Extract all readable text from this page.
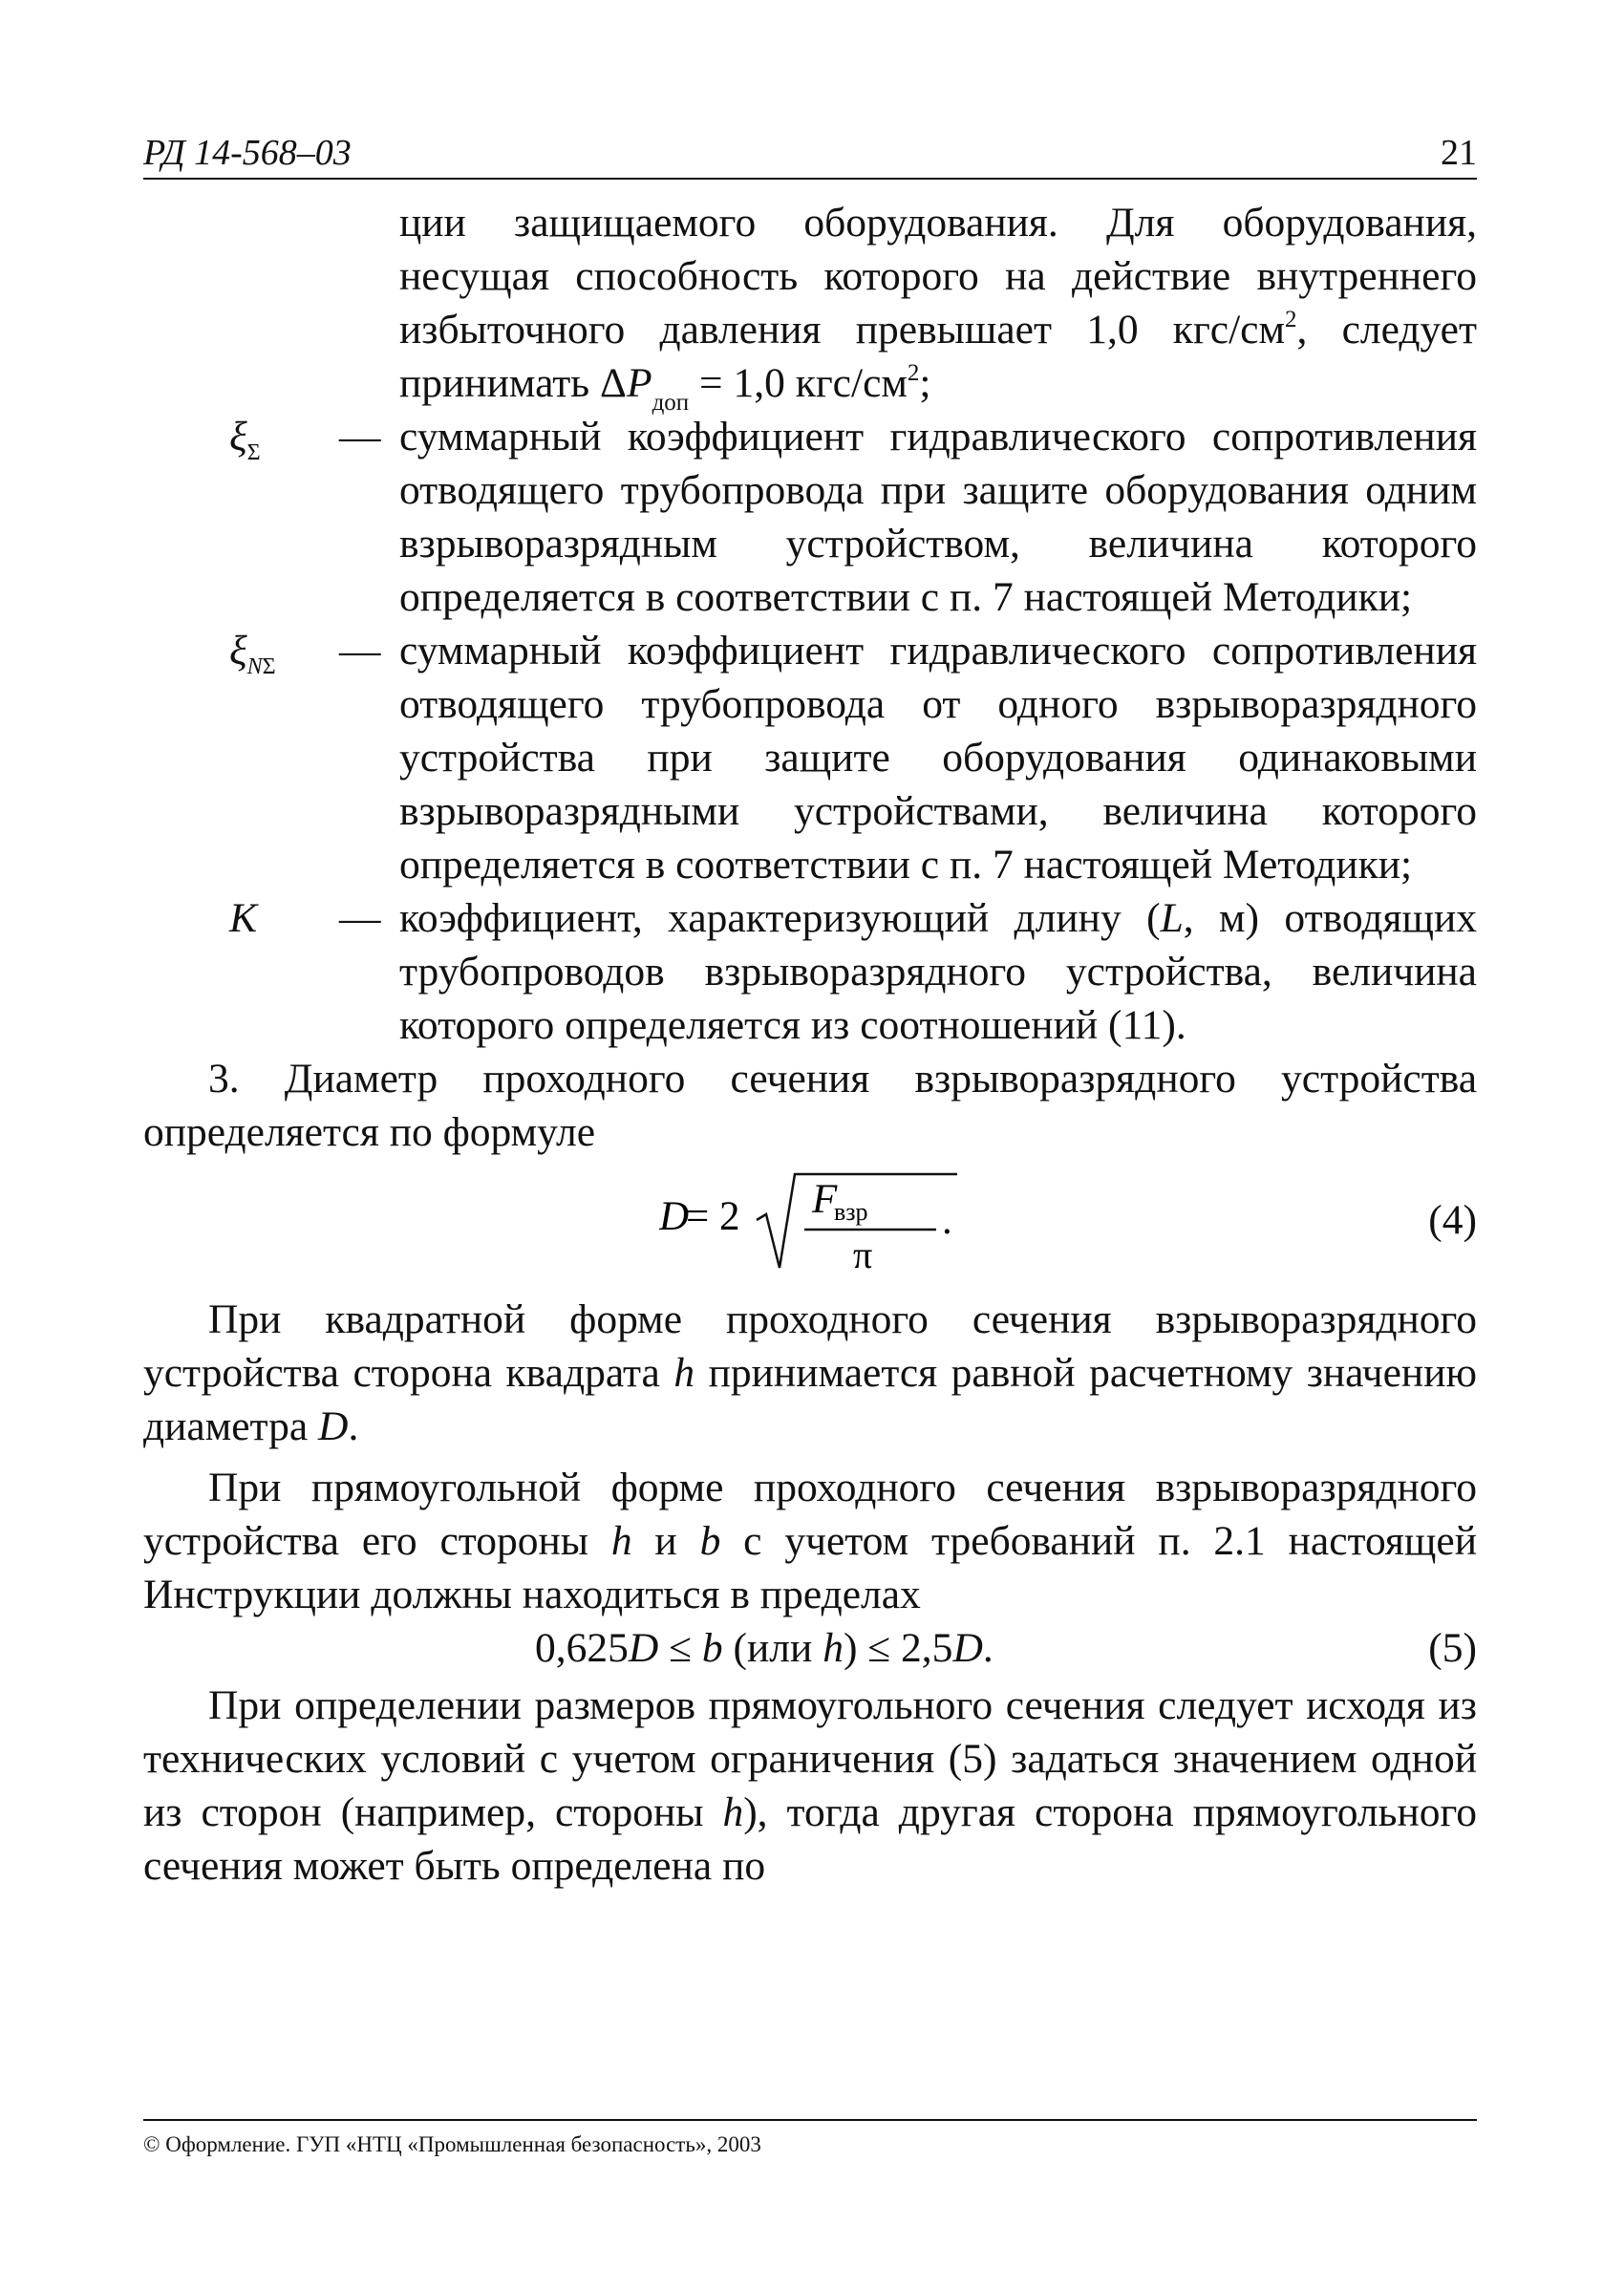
РД 14-568–03	21
ции защищаемого оборудования. Для оборудования, несущая способность которого на действие внутреннего избыточного давления превышает 1,0 кгс/$см^2$, следует принимать $\Delta P_{доп} = 1,0$ кгс/$см^2$;
$\xi_\Sigma$ — суммарный коэффициент гидравлического сопротивления отводящего трубопровода при защите оборудования одним взрыворазрядным устройством, величина которого определяется в соответствии с п. 7 настоящей Методики;
$\xi_{N\Sigma}$ — суммарный коэффициент гидравлического сопротивления отводящего трубопровода от одного взрыворазрядного устройства при защите оборудования одинаковыми взрыворазрядными устройствами, величина которого определяется в соответствии с п. 7 настоящей Методики;
K — коэффициент, характеризующий длину (L, м) отводящих трубопроводов взрыворазрядного устройства, величина которого определяется из соотношений (11).
3. Диаметр проходного сечения взрыворазрядного устройства определяется по формуле
D
= 2 F
взр
π
.	(4)
При квадратной форме проходного сечения взрыворазрядного устройства сторона квадрата h принимается равной расчетному значению диаметра D.
При прямоугольной форме проходного сечения взрыворазрядного устройства его стороны h и b с учетом требований п. 2.1 настоящей Инструкции должны находиться в пределах
0,625D ≤ b (или h) ≤ 2,5D.	(5)
При определении размеров прямоугольного сечения следует исходя из технических условий с учетом ограничения (5) задаться значением одной из сторон (например, стороны h), тогда другая сторона прямоугольного сечения может быть определена по
© Оформление. ГУП «НТЦ «Промышленная безопасность», 2003
